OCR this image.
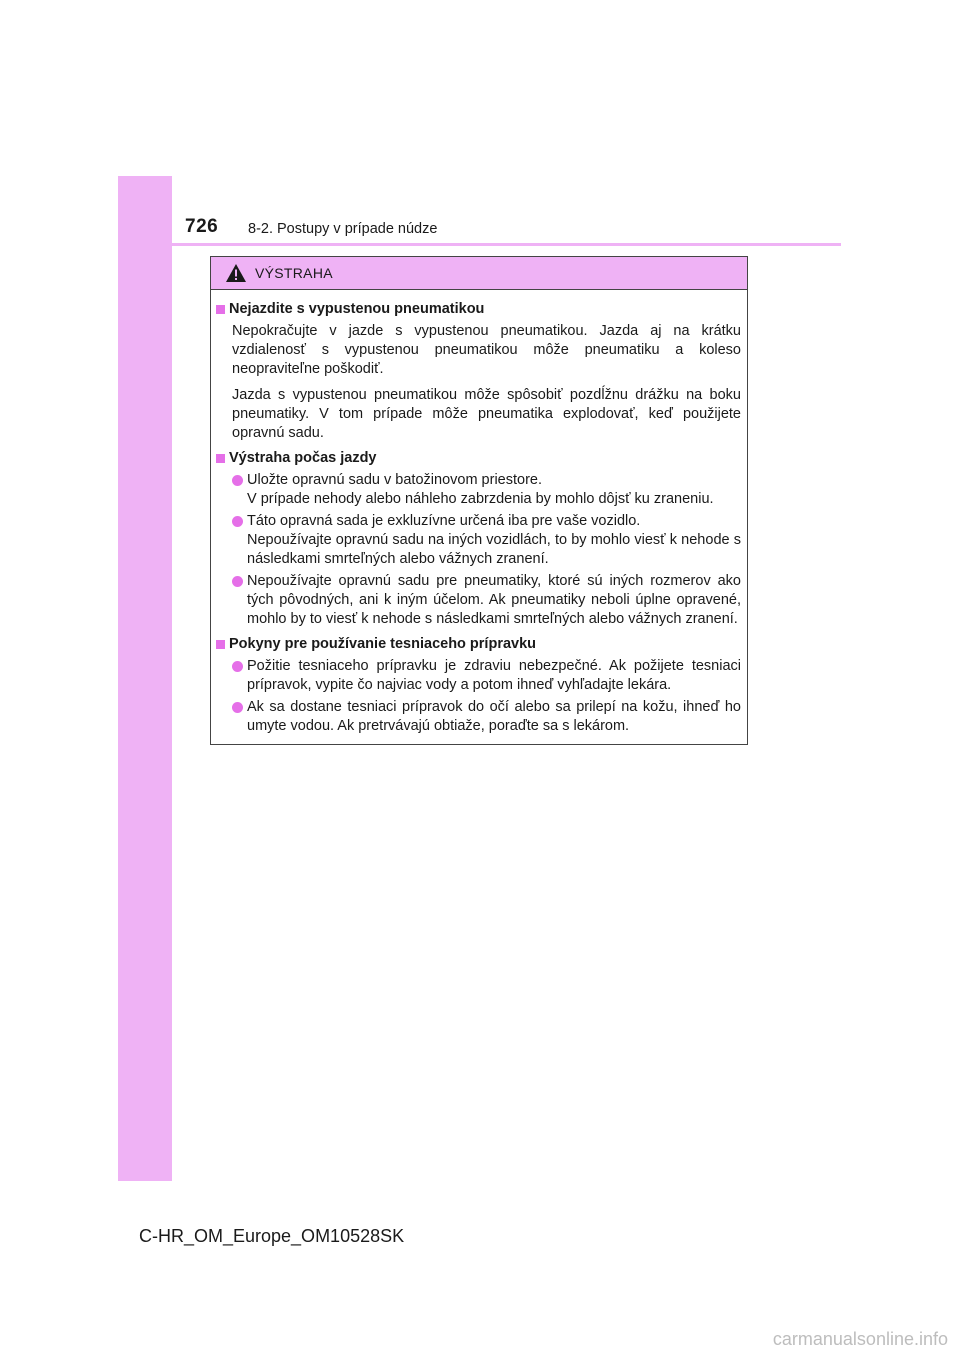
726 8-2. Postupy v prípade núdze
VÝSTRAHA
Nejazdite s vypustenou pneumatikou
Nepokračujte v jazde s vypustenou pneumatikou. Jazda aj na krátku vzdialenosť s vypustenou pneumatikou môže pneumatiku a koleso neopraviteľne poškodiť.
Jazda s vypustenou pneumatikou môže spôsobiť pozdĺžnu drážku na boku pneumatiky. V tom prípade môže pneumatika explodovať, keď použijete opravnú sadu.
Výstraha počas jazdy
Uložte opravnú sadu v batožinovom priestore.
V prípade nehody alebo náhleho zabrzdenia by mohlo dôjsť ku zraneniu.
Táto opravná sada je exkluzívne určená iba pre vaše vozidlo.
Nepoužívajte opravnú sadu na iných vozidlách, to by mohlo viesť k nehode s následkami smrteľných alebo vážnych zranení.
Nepoužívajte opravnú sadu pre pneumatiky, ktoré sú iných rozmerov ako tých pôvodných, ani k iným účelom. Ak pneumatiky neboli úplne opravené, mohlo by to viesť k nehode s následkami smrteľných alebo vážnych zranení.
Pokyny pre používanie tesniaceho prípravku
Požitie tesniaceho prípravku je zdraviu nebezpečné. Ak požijete tesniaci prípravok, vypite čo najviac vody a potom ihneď vyhľadajte lekára.
Ak sa dostane tesniaci prípravok do očí alebo sa prilepí na kožu, ihneď ho umyte vodou. Ak pretrvávajú obtiaže, poraďte sa s lekárom.
C-HR_OM_Europe_OM10528SK
carmanualsonline.info
